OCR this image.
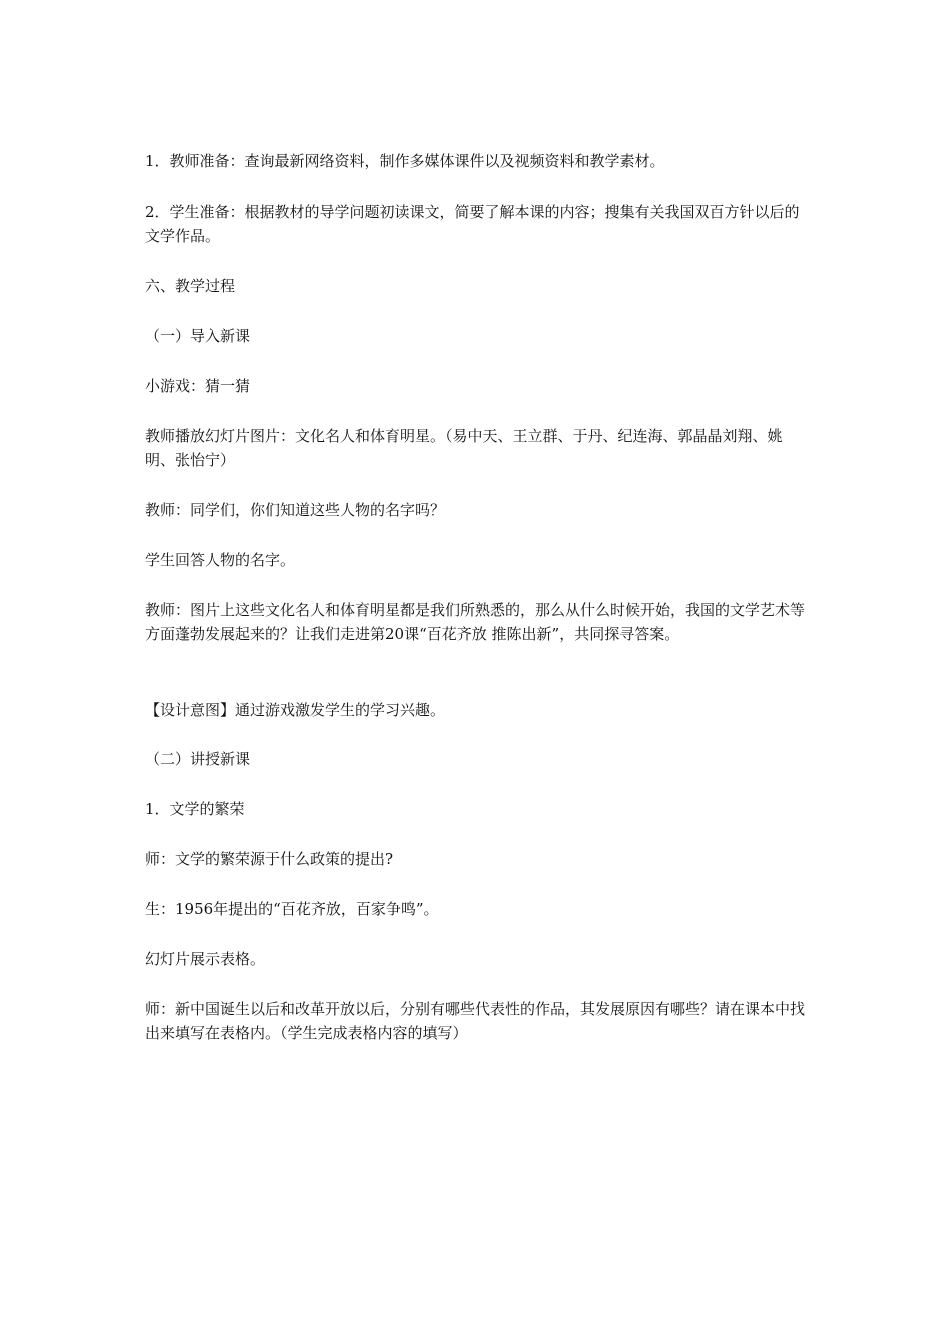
1．教师准备：查询最新网络资料，制作多媒体课件以及视频资料和教学素材。

2．学生准备：根据教材的导学问题初读课文，简要了解本课的内容；搜集有关我国双百方针以后的文学作品。

六、教学过程

（一）导入新课

小游戏：猜一猜

教师播放幻灯片图片：文化名人和体育明星。（易中天、王立群、于丹、纪连海、郭晶晶刘翔、姚明、张怡宁）

教师：同学们，你们知道这些人物的名字吗？

学生回答人物的名字。

教师：图片上这些文化名人和体育明星都是我们所熟悉的，那么从什么时候开始，我国的文学艺术等方面蓬勃发展起来的？让我们走进第20课“百花齐放 推陈出新”，共同探寻答案。

【设计意图】通过游戏激发学生的学习兴趣。

（二）讲授新课

1．文学的繁荣

师：文学的繁荣源于什么政策的提出?

生：1956年提出的“百花齐放，百家争鸣”。

幻灯片展示表格。

师：新中国诞生以后和改革开放以后，分别有哪些代表性的作品，其发展原因有哪些？请在课本中找出来填写在表格内。（学生完成表格内容的填写）
